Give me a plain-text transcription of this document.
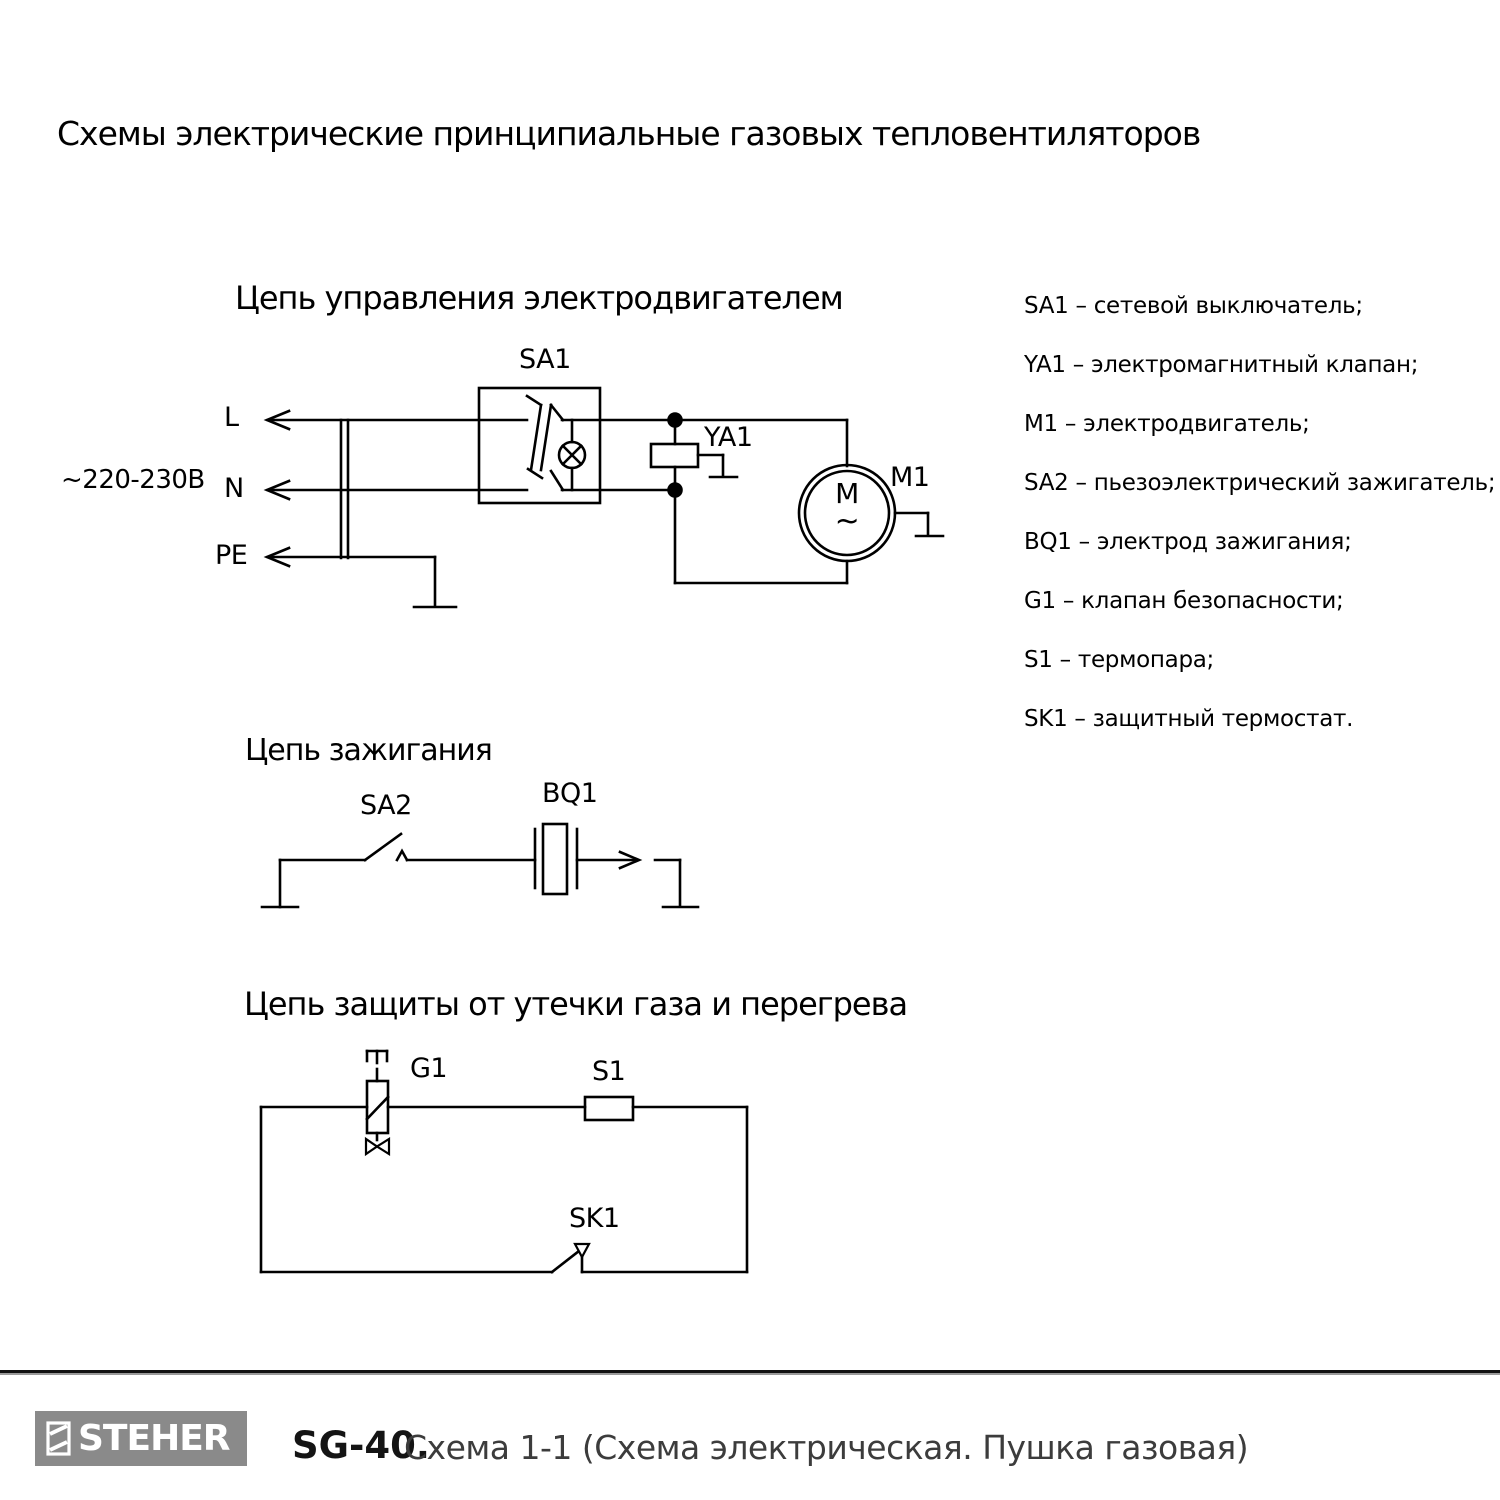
Схемы электрические принципиальные газовых тепловентиляторов
Цепь управления электродвигателем
SA1
L
N
PE
~220-230В
YA1
M1
M
~
SA1 – сетевой выключатель;
YA1 – электромагнитный клапан;
M1 – электродвигатель;
SA2 – пьезоэлектрический зажигатель;
BQ1 – электрод зажигания;
G1 – клапан безопасности;
S1 – термопара;
SK1 – защитный термостат.
Цепь зажигания
SA2	BQ1
Цепь защиты от утечки газа и перегрева
G1	S1
SK1
STEHER SG-40.
Схема 1-1 (Схема электрическая. Пушка газовая)
